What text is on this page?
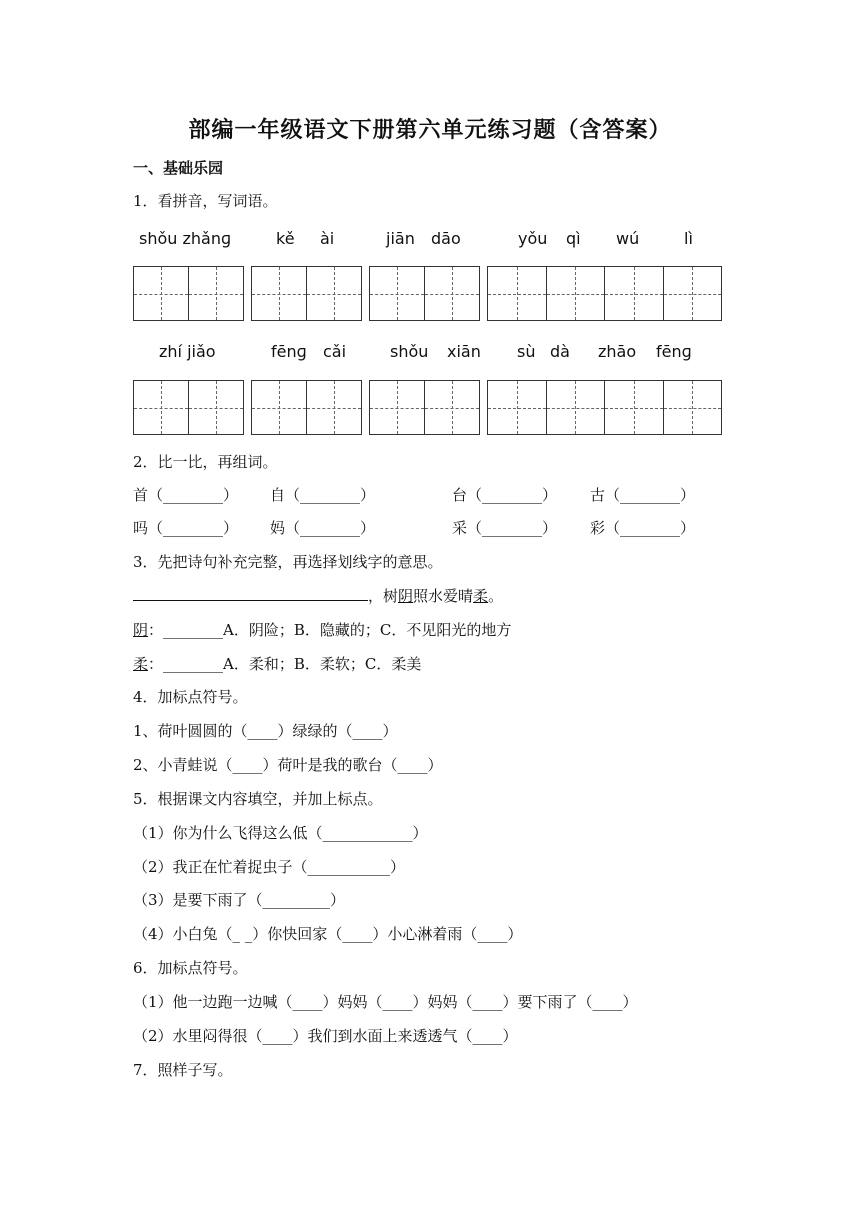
部编一年级语文下册第六单元练习题（含答案）
一、基础乐园
1．看拼音，写词语。
shǒu zhǎnɡ	kě ài	jiān dāo	yǒu qì wú	lì
zhí jiǎo	fēnɡ cǎi	shǒu xiān sù dà zhāo fēnɡ
2．比一比，再组词。
首（________） 自（________）	台（________） 古（________）
吗（________） 妈（________）	采（________） 彩（________）
3．先把诗句补充完整，再选择划线字的意思。
，树阴照水爱晴柔。
阴：________A．阴险；B．隐藏的；C．不见阳光的地方
柔：________A．柔和；B．柔软；C．柔美
4．加标点符号。
1、荷叶圆圆的（____）绿绿的（____）
2、小青蛙说（____）荷叶是我的歌台（____）
5．根据课文内容填空，并加上标点。
（1）你为什么飞得这么低（____________）
（2）我正在忙着捉虫子（___________）
（3）是要下雨了（_________）
（4）小白兔（_ _）你快回家（____）小心淋着雨（____）
6．加标点符号。
（1）他一边跑一边喊（____）妈妈（____）妈妈（____）要下雨了（____）
（2）水里闷得很（____）我们到水面上来透透气（____）
7．照样子写。
